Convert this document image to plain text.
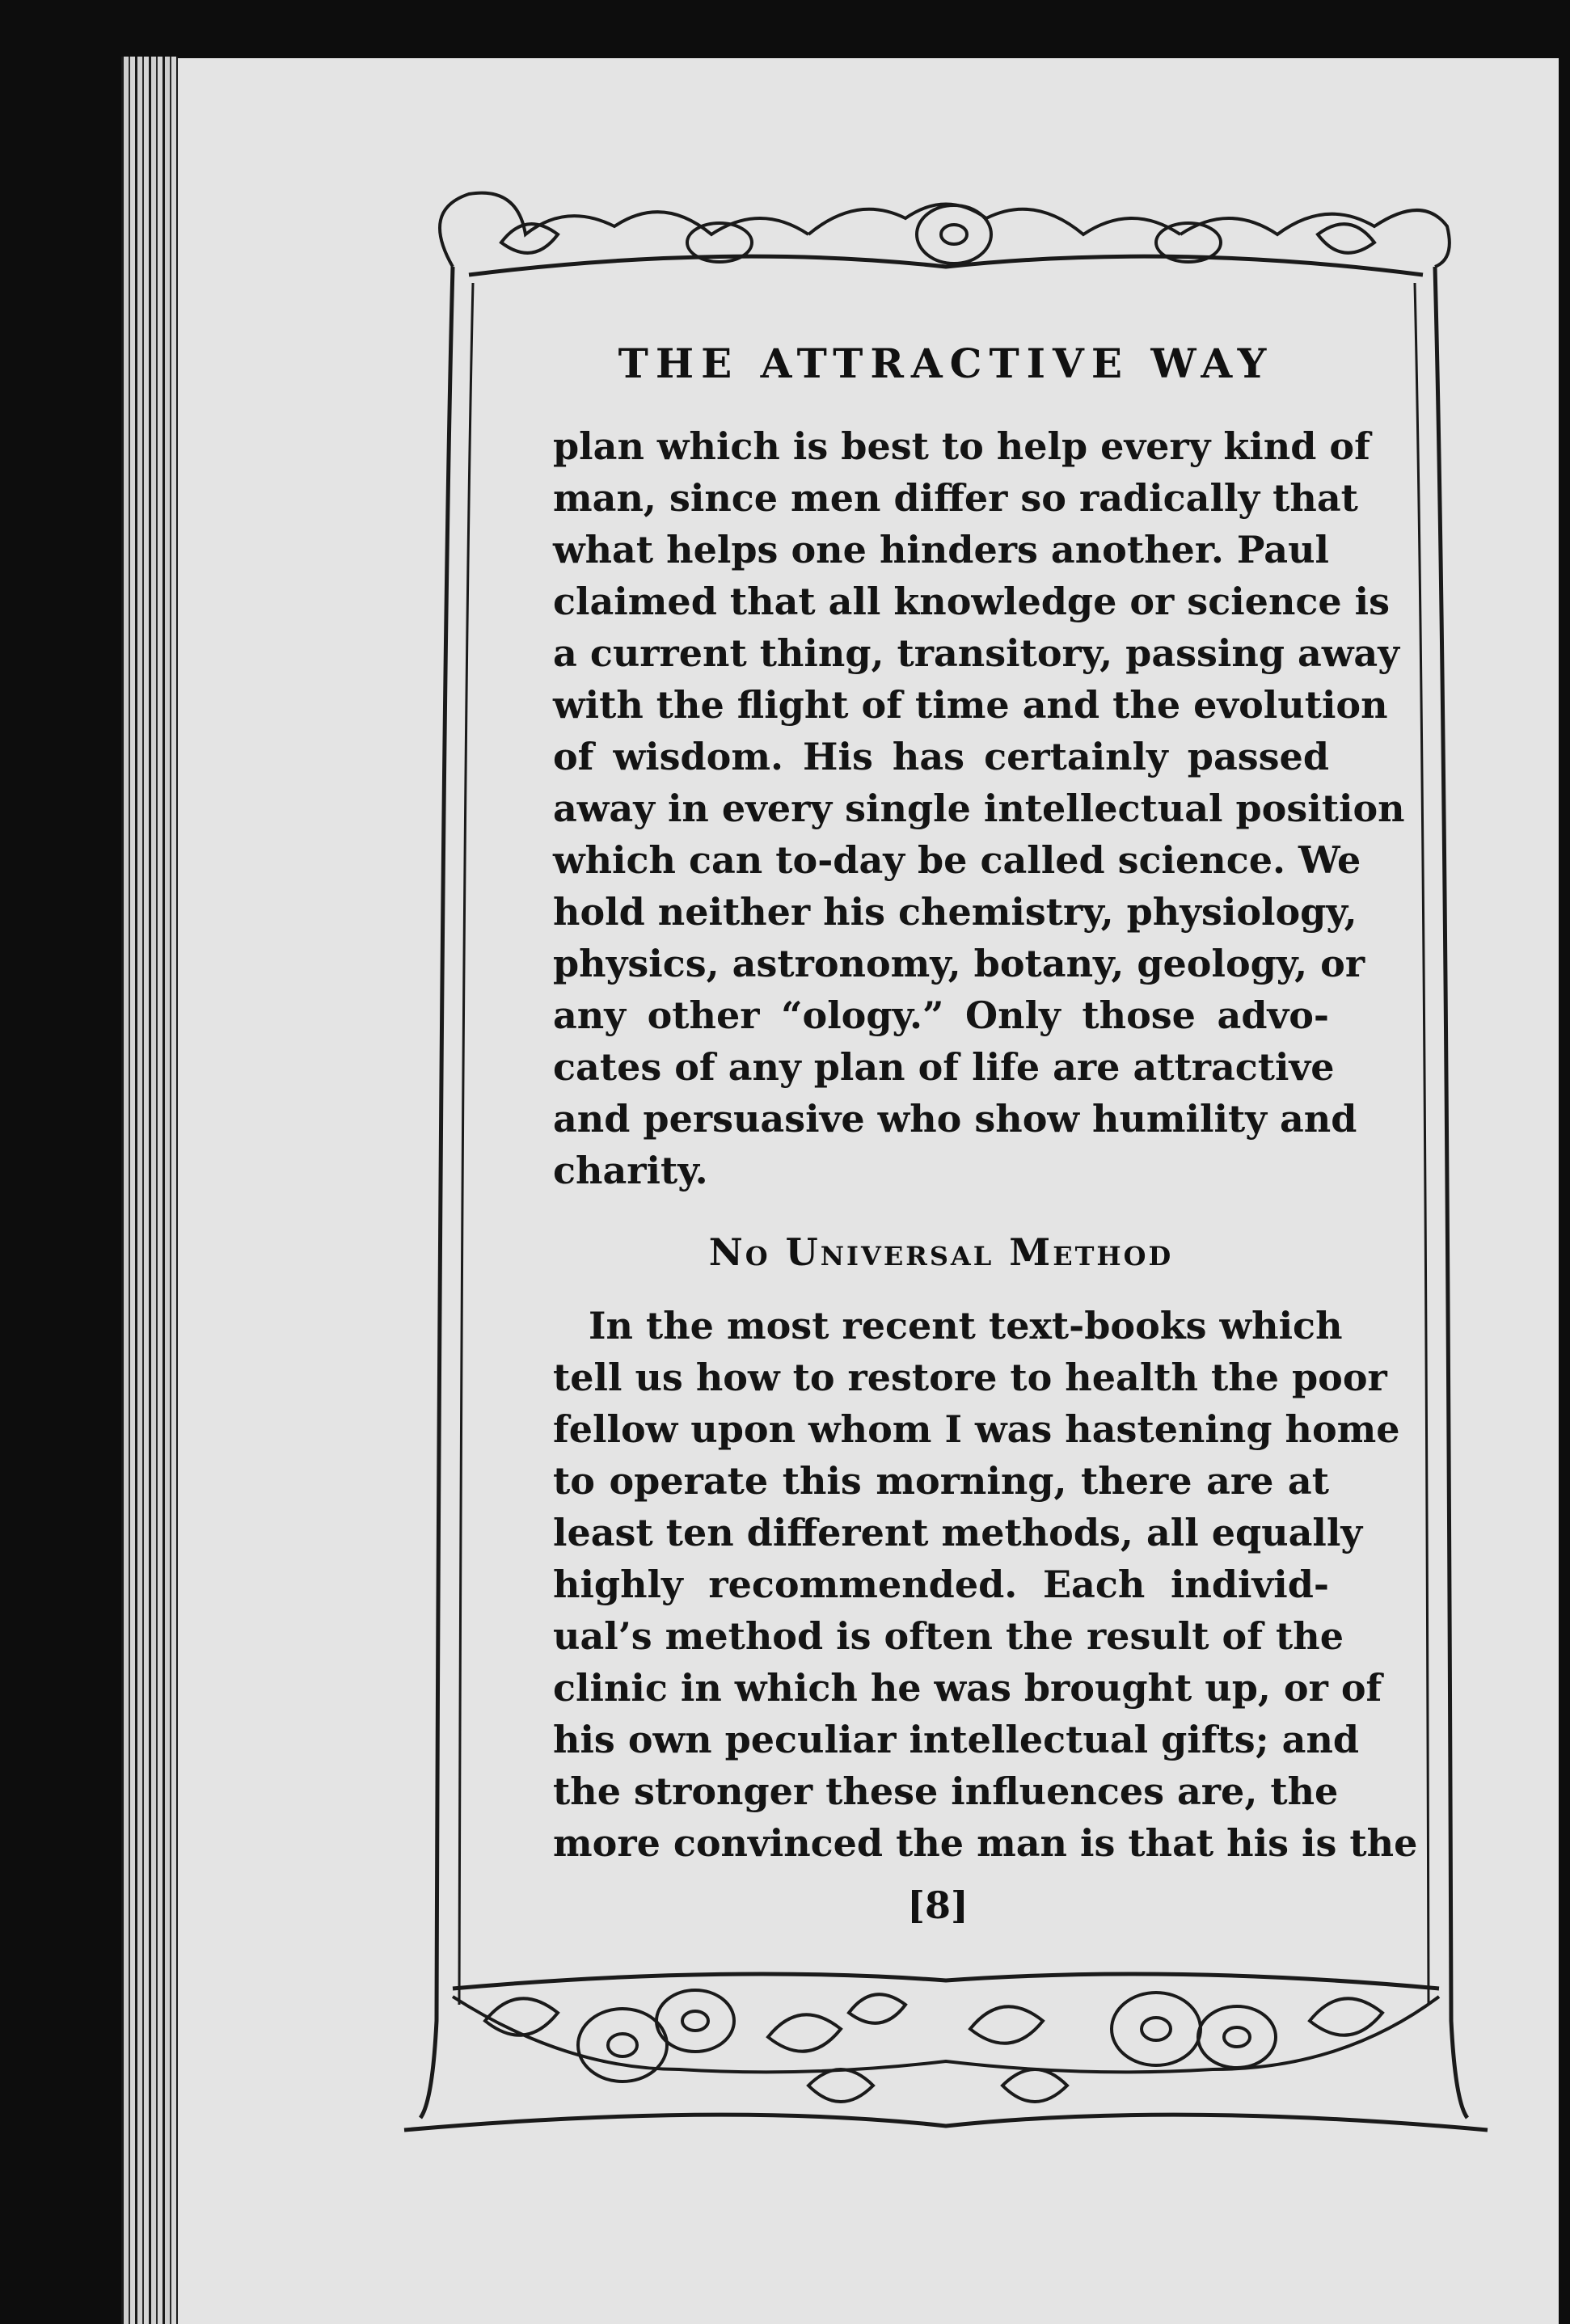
THE ATTRACTIVE WAY
plan which is best to help every kind of
man, since men differ so radically that
what helps one hinders another. Paul
claimed that all knowledge or science is
a current thing, transitory, passing away
with the flight of time and the evolution
of wisdom. His has certainly passed
away in every single intellectual position
which can to-day be called science. We
hold neither his chemistry, physiology,
physics, astronomy, botany, geology, or
any other “ology.” Only those advo-
cates of any plan of life are attractive
and persuasive who show humility and
charity.
No Universal Method
In the most recent text-books which
tell us how to restore to health the poor
fellow upon whom I was hastening home
to operate this morning, there are at
least ten different methods, all equally
highly recommended. Each individ-
ual’s method is often the result of the
clinic in which he was brought up, or of
his own peculiar intellectual gifts; and
the stronger these influences are, the
more convinced the man is that his is the
[8]
